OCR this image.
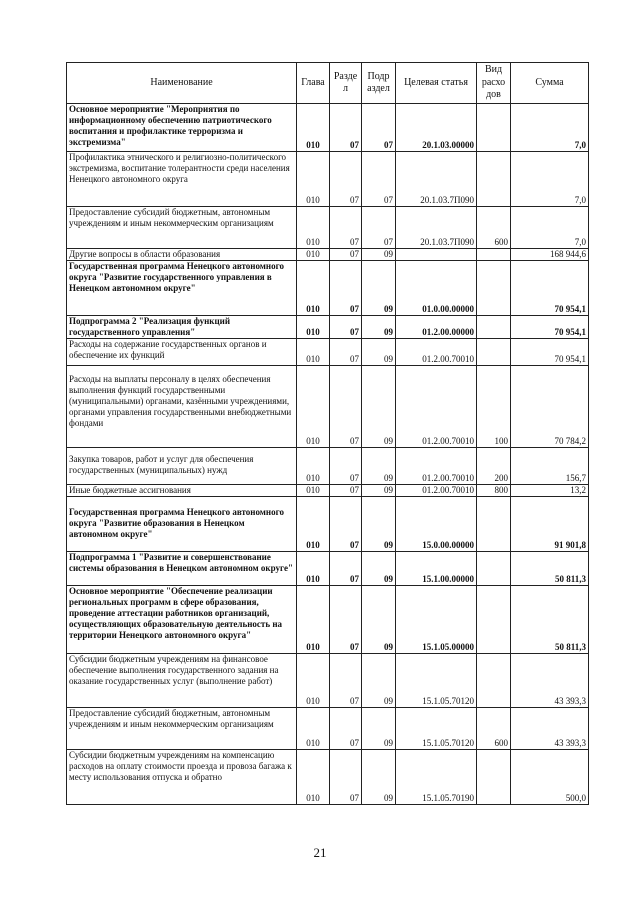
Наименование	Глава	Разде л	Подр аздел	Целевая статья	Вид расхо дов	Сумма
Основное мероприятие "Мероприятия по информационному обеспечению патриотического воспитания и профилактике терроризма и экстремизма"	010	07	07	20.1.03.00000		7,0
Профилактика этнического и религиозно-политического экстремизма, воспитание толерантности среди населения Ненецкого автономного округа	010	07	07	20.1.03.7П090		7,0
Предоставление субсидий бюджетным, автономным учреждениям и иным некоммерческим организациям	010	07	07	20.1.03.7П090	600	7,0
Другие вопросы в области образования	010	07	09			168 944,6
Государственная программа Ненецкого автономного округа "Развитие государственного управления в Ненецком автономном округе"	010	07	09	01.0.00.00000		70 954,1
Подпрограмма 2 "Реализация функций государственного управления"	010	07	09	01.2.00.00000		70 954,1
Расходы на содержание государственных органов и обеспечение их функций	010	07	09	01.2.00.70010		70 954,1
Расходы на выплаты персоналу в целях обеспечения выполнения функций государственными (муниципальными) органами, казёнными учреждениями, органами управления государственными внебюджетными фондами	010	07	09	01.2.00.70010	100	70 784,2
Закупка товаров, работ и услуг для обеспечения государственных (муниципальных) нужд	010	07	09	01.2.00.70010	200	156,7
Иные бюджетные ассигнования	010	07	09	01.2.00.70010	800	13,2
Государственная программа Ненецкого автономного округа "Развитие образования в Ненецком автономном округе"	010	07	09	15.0.00.00000		91 901,8
Подпрограмма 1 "Развитие и совершенствование системы образования в Ненецком автономном округе"	010	07	09	15.1.00.00000		50 811,3
Основное мероприятие "Обеспечение реализации региональных программ в сфере образования, проведение аттестации работников организаций, осуществляющих образовательную деятельность на территории Ненецкого автономного округа"	010	07	09	15.1.05.00000		50 811,3
Субсидии бюджетным учреждениям на финансовое обеспечение выполнения государственного задания на оказание государственных услуг (выполнение работ)	010	07	09	15.1.05.70120		43 393,3
Предоставление субсидий бюджетным, автономным учреждениям и иным некоммерческим организациям	010	07	09	15.1.05.70120	600	43 393,3
Субсидии бюджетным учреждениям на компенсацию расходов на оплату стоимости проезда и провоза багажа к месту использования отпуска и обратно	010	07	09	15.1.05.70190		500,0
21
